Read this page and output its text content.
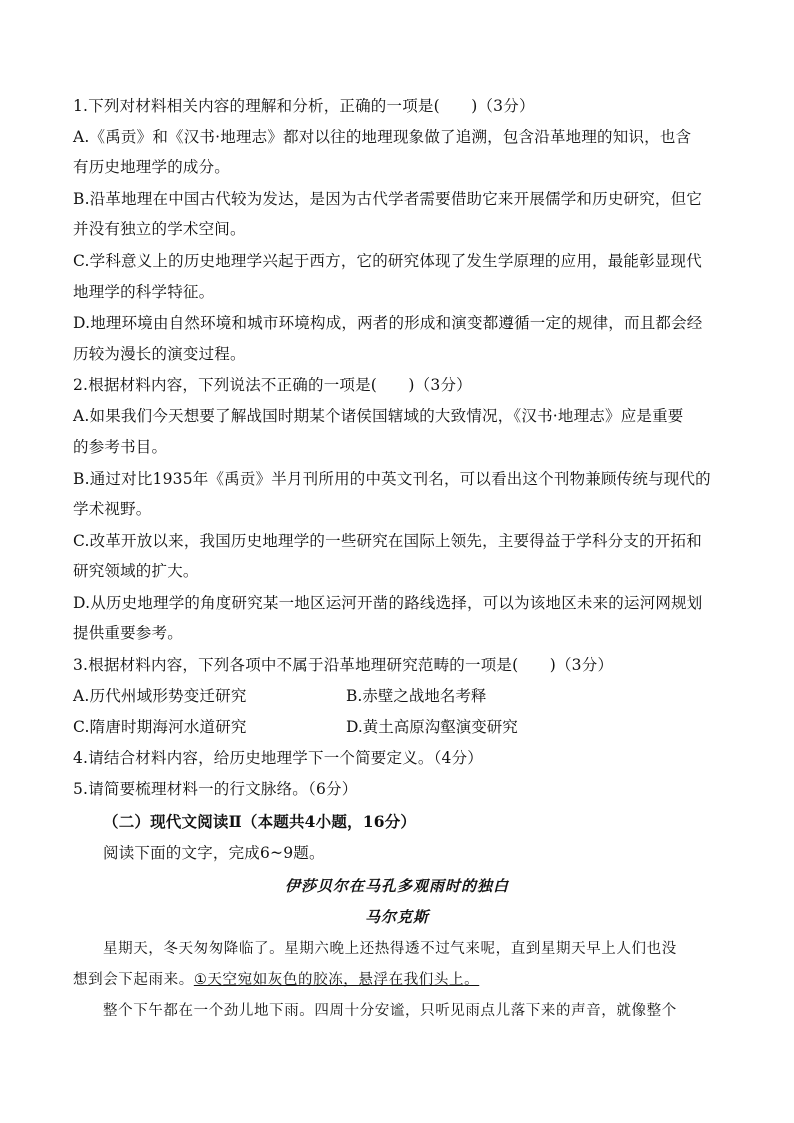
1.下列对材料相关内容的理解和分析，正确的一项是(　　)（3分）
A.《禹贡》和《汉书·地理志》都对以往的地理现象做了追溯，包含沿革地理的知识，也含
有历史地理学的成分。
B.沿革地理在中国古代较为发达，是因为古代学者需要借助它来开展儒学和历史研究，但它
并没有独立的学术空间。
C.学科意义上的历史地理学兴起于西方，它的研究体现了发生学原理的应用，最能彰显现代
地理学的科学特征。
D.地理环境由自然环境和城市环境构成，两者的形成和演变都遵循一定的规律，而且都会经
历较为漫长的演变过程。
2.根据材料内容，下列说法不正确的一项是(　　)（3分）
A.如果我们今天想要了解战国时期某个诸侯国辖域的大致情况，《汉书·地理志》应是重要
的参考书目。
B.通过对比1935年《禹贡》半月刊所用的中英文刊名，可以看出这个刊物兼顾传统与现代的
学术视野。
C.改革开放以来，我国历史地理学的一些研究在国际上领先，主要得益于学科分支的开拓和
研究领域的扩大。
D.从历史地理学的角度研究某一地区运河开凿的路线选择，可以为该地区未来的运河网规划
提供重要参考。
3.根据材料内容，下列各项中不属于沿革地理研究范畴的一项是(　　)（3分）
A.历代州域形势变迁研究	B.赤壁之战地名考释
C.隋唐时期海河水道研究	D.黄土高原沟壑演变研究
4.请结合材料内容，给历史地理学下一个简要定义。（4分）
5.请简要梳理材料一的行文脉络。（6分）
（二）现代文阅读Ⅱ（本题共4小题，16分）
阅读下面的文字，完成6~9题。
伊莎贝尔在马孔多观雨时的独白
马尔克斯
星期天，冬天匆匆降临了。星期六晚上还热得透不过气来呢，直到星期天早上人们也没
想到会下起雨来。①天空宛如灰色的胶冻，悬浮在我们头上。
整个下午都在一个劲儿地下雨。四周十分安谧，只听见雨点儿落下来的声音，就像整个
